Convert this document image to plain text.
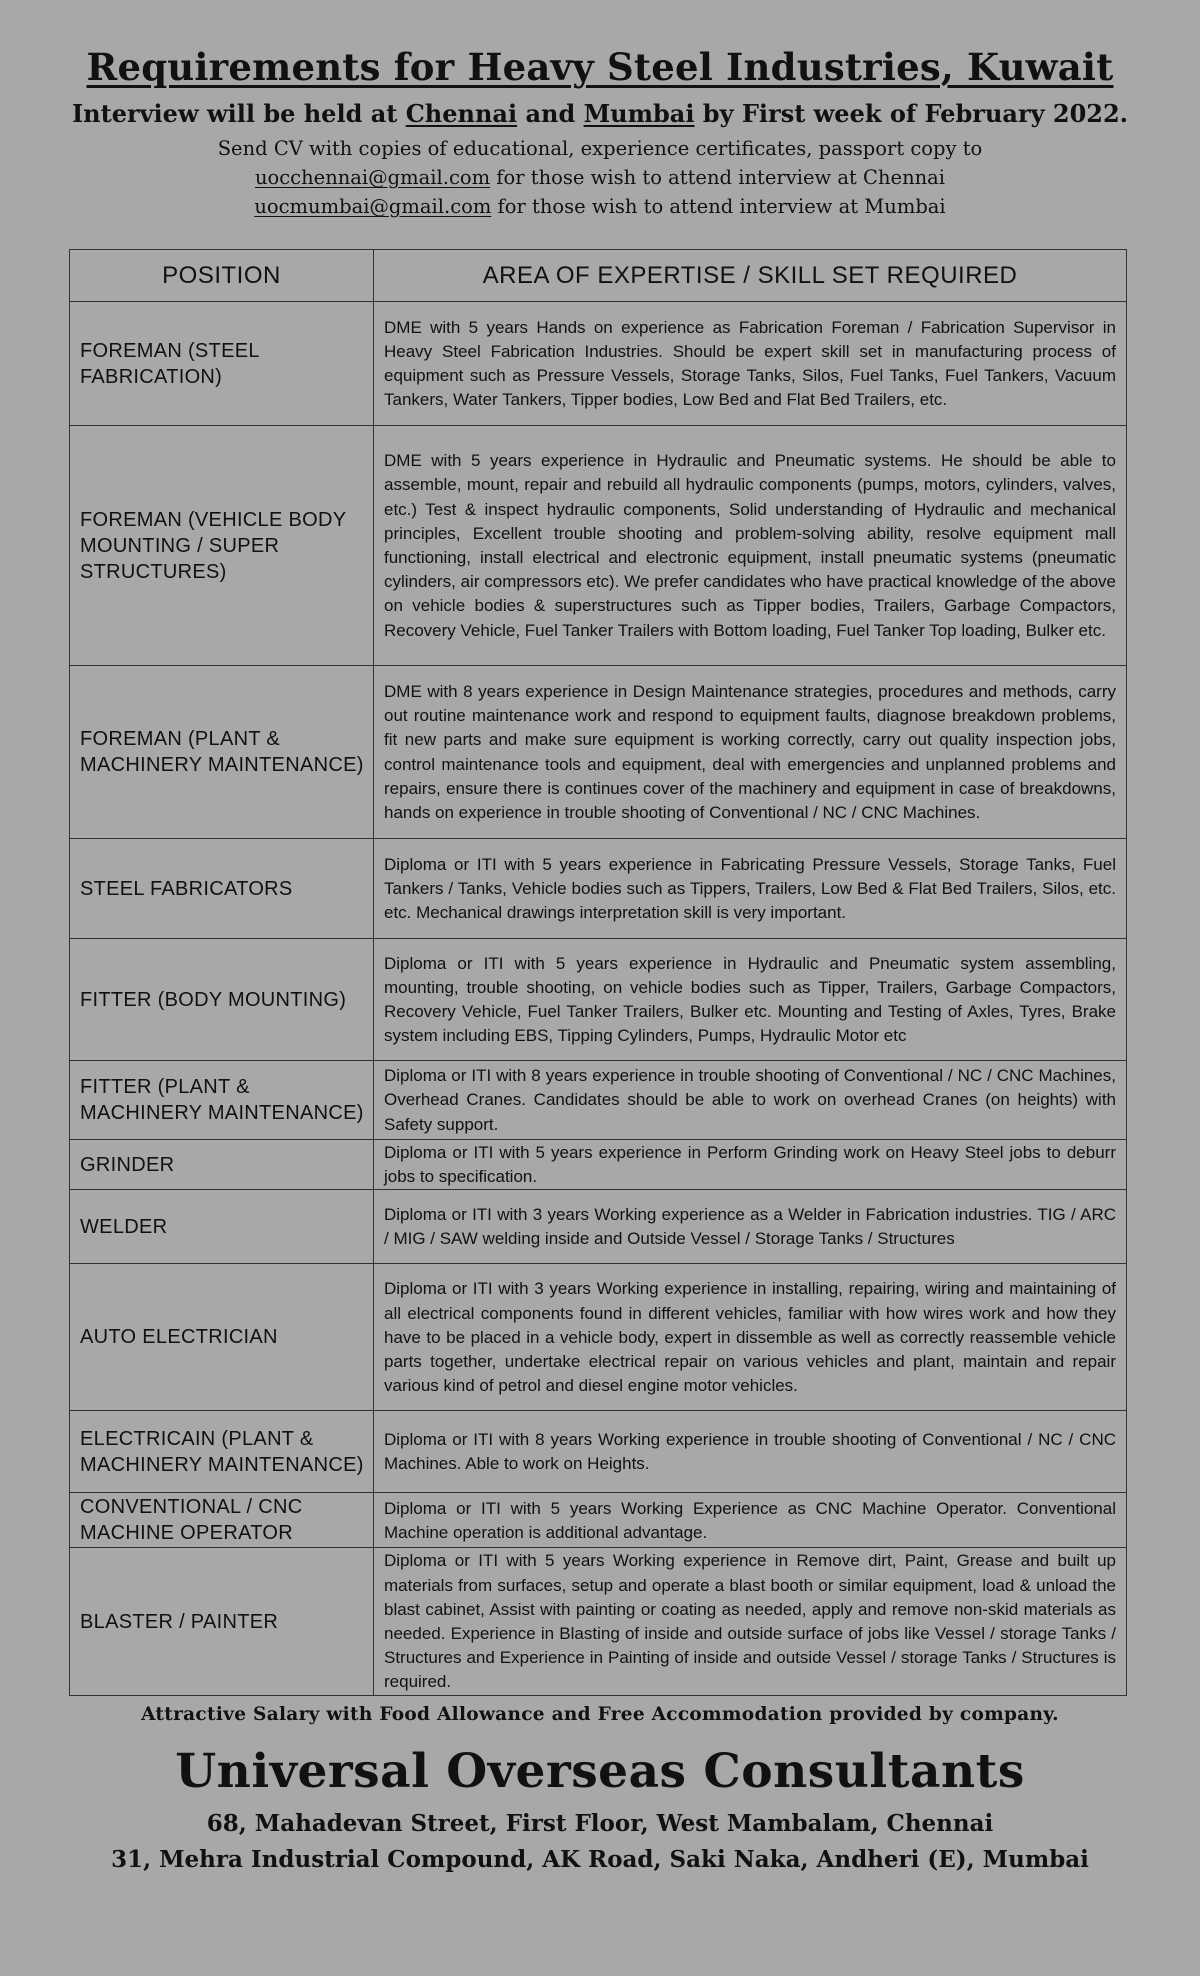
Requirements for Heavy Steel Industries, Kuwait
Interview will be held at Chennai and Mumbai by First week of February 2022.
Send CV with copies of educational, experience certificates, passport copy to
uocchennai@gmail.com for those wish to attend interview at Chennai
uocmumbai@gmail.com for those wish to attend interview at Mumbai
POSITION	AREA OF EXPERTISE / SKILL SET REQUIRED
FOREMAN (STEEL FABRICATION)	DME with 5 years Hands on experience as Fabrication Foreman / Fabrication Supervisor in Heavy Steel Fabrication Industries. Should be expert skill set in manufacturing process of equipment such as Pressure Vessels, Storage Tanks, Silos, Fuel Tanks, Fuel Tankers, Vacuum Tankers, Water Tankers, Tipper bodies, Low Bed and Flat Bed Trailers, etc.
FOREMAN (VEHICLE BODY MOUNTING / SUPER STRUCTURES)	DME with 5 years experience in Hydraulic and Pneumatic systems. He should be able to assemble, mount, repair and rebuild all hydraulic components (pumps, motors, cylinders, valves, etc.) Test & inspect hydraulic components, Solid understanding of Hydraulic and mechanical principles, Excellent trouble shooting and problem-solving ability, resolve equipment mall functioning, install electrical and electronic equipment, install pneumatic systems (pneumatic cylinders, air compressors etc). We prefer candidates who have practical knowledge of the above on vehicle bodies & superstructures such as Tipper bodies, Trailers, Garbage Compactors, Recovery Vehicle, Fuel Tanker Trailers with Bottom loading, Fuel Tanker Top loading, Bulker etc.
FOREMAN (PLANT & MACHINERY MAINTENANCE)	DME with 8 years experience in Design Maintenance strategies, procedures and methods, carry out routine maintenance work and respond to equipment faults, diagnose breakdown problems, fit new parts and make sure equipment is working correctly, carry out quality inspection jobs, control maintenance tools and equipment, deal with emergencies and unplanned problems and repairs, ensure there is continues cover of the machinery and equipment in case of breakdowns, hands on experience in trouble shooting of Conventional / NC / CNC Machines.
STEEL FABRICATORS	Diploma or ITI with 5 years experience in Fabricating Pressure Vessels, Storage Tanks, Fuel Tankers / Tanks, Vehicle bodies such as Tippers, Trailers, Low Bed & Flat Bed Trailers, Silos, etc. etc. Mechanical drawings interpretation skill is very important.
FITTER (BODY MOUNTING)	Diploma or ITI with 5 years experience in Hydraulic and Pneumatic system assembling, mounting, trouble shooting, on vehicle bodies such as Tipper, Trailers, Garbage Compactors, Recovery Vehicle, Fuel Tanker Trailers, Bulker etc. Mounting and Testing of Axles, Tyres, Brake system including EBS, Tipping Cylinders, Pumps, Hydraulic Motor etc
FITTER (PLANT & MACHINERY MAINTENANCE)	Diploma or ITI with 8 years experience in trouble shooting of Conventional / NC / CNC Machines, Overhead Cranes. Candidates should be able to work on overhead Cranes (on heights) with Safety support.
GRINDER	Diploma or ITI with 5 years experience in Perform Grinding work on Heavy Steel jobs to deburr jobs to specification.
WELDER	Diploma or ITI with 3 years Working experience as a Welder in Fabrication industries. TIG / ARC / MIG / SAW welding inside and Outside Vessel / Storage Tanks / Structures
AUTO ELECTRICIAN	Diploma or ITI with 3 years Working experience in installing, repairing, wiring and maintaining of all electrical components found in different vehicles, familiar with how wires work and how they have to be placed in a vehicle body, expert in dissemble as well as correctly reassemble vehicle parts together, undertake electrical repair on various vehicles and plant, maintain and repair various kind of petrol and diesel engine motor vehicles.
ELECTRICAIN (PLANT & MACHINERY MAINTENANCE)	Diploma or ITI with 8 years Working experience in trouble shooting of Conventional / NC / CNC Machines. Able to work on Heights.
CONVENTIONAL / CNC MACHINE OPERATOR	Diploma or ITI with 5 years Working Experience as CNC Machine Operator. Conventional Machine operation is additional advantage.
BLASTER / PAINTER	Diploma or ITI with 5 years Working experience in Remove dirt, Paint, Grease and built up materials from surfaces, setup and operate a blast booth or similar equipment, load & unload the blast cabinet, Assist with painting or coating as needed, apply and remove non-skid materials as needed. Experience in Blasting of inside and outside surface of jobs like Vessel / storage Tanks / Structures and Experience in Painting of inside and outside Vessel / storage Tanks / Structures is required.
Attractive Salary with Food Allowance and Free Accommodation provided by company.
Universal Overseas Consultants
68, Mahadevan Street, First Floor, West Mambalam, Chennai
31, Mehra Industrial Compound, AK Road, Saki Naka, Andheri (E), Mumbai
